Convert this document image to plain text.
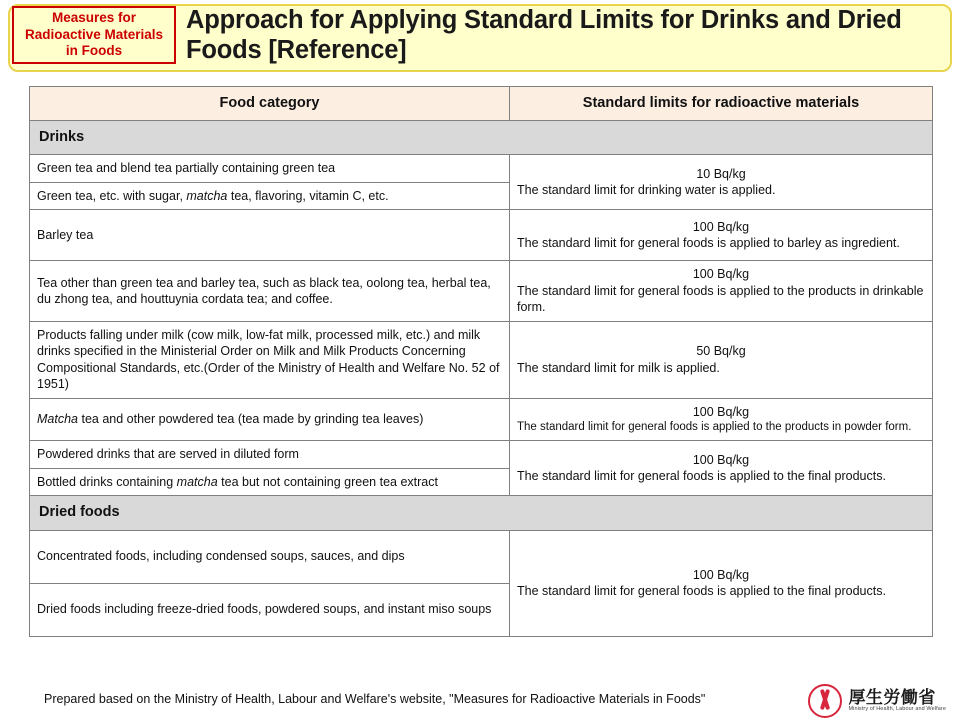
Measures for Radioactive Materials in Foods
Approach for Applying Standard Limits for Drinks and Dried Foods [Reference]
Food category	Standard limits for radioactive materials
Drinks	
Green tea and blend tea partially containing green tea	10 Bq/kg
The standard limit for drinking water is applied.

Green tea, etc. with sugar, matcha tea, flavoring, vitamin C, etc.	
Barley tea	100 Bq/kg
The standard limit for general foods is applied to barley as ingredient.

Tea other than green tea and barley tea, such as black tea, oolong tea, herbal tea, du zhong tea, and houttuynia cordata tea; and coffee.	100 Bq/kg
The standard limit for general foods is applied to the products in drinkable form.

Products falling under milk (cow milk, low-fat milk, processed milk, etc.) and milk drinks specified in the Ministerial Order on Milk and Milk Products Concerning Compositional Standards, etc.(Order of the Ministry of Health and Welfare No. 52 of 1951)	50 Bq/kg
The standard limit for milk is applied.

Matcha tea and other powdered tea (tea made by grinding tea leaves)	100 Bq/kg
The standard limit for general foods is applied to the products in powder form.

Powdered drinks that are served in diluted form	100 Bq/kg
The standard limit for general foods is applied to the final products.

Bottled drinks containing matcha tea but not containing green tea extract	
Dried foods	
Concentrated foods, including condensed soups, sauces, and dips	100 Bq/kg
The standard limit for general foods is applied to the final products.

Dried foods including freeze-dried foods, powdered soups, and instant miso soups	
Prepared based on the Ministry of Health, Labour and Welfare's website, "Measures for Radioactive Materials in Foods"	厚生労働省
Ministry of Health, Labour and Welfare
